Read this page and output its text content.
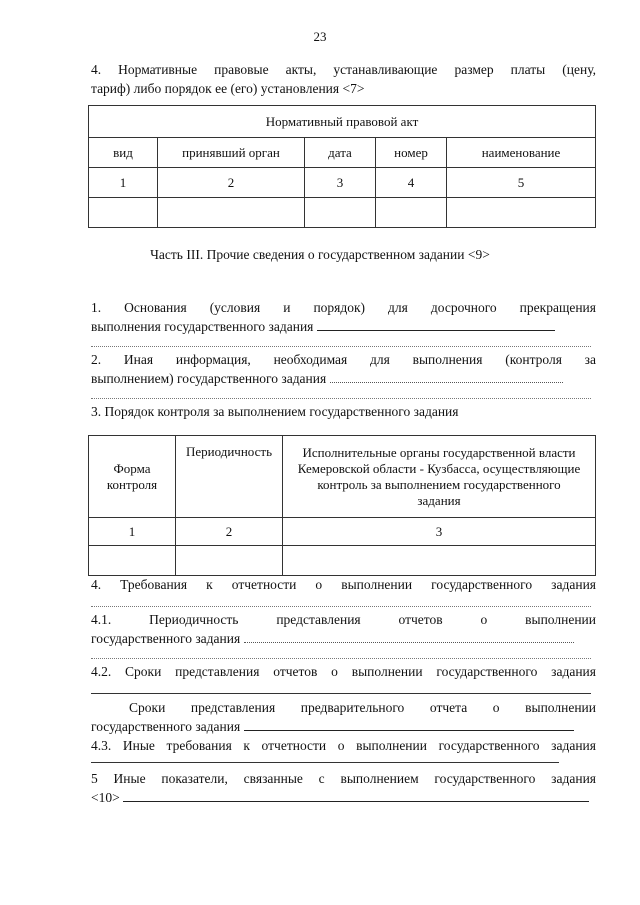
23
4. Нормативные правовые акты, устанавливающие размер платы (цену,
тариф) либо порядок ее (его) установления <7>
Нормативный правовой акт				
вид	принявший орган	дата	номер	наименование
1	2	3	4	5

Часть III. Прочие сведения о государственном задании <9>
1. Основания (условия и порядок) для досрочного прекращения
выполнения государственного задания
2. Иная информация, необходимая для выполнения (контроля за
выполнением) государственного задания
3. Порядок контроля за выполнением государственного задания
Форма контроля	Периодичность	Исполнительные органы государственной власти Кемеровской области - Кузбасса, осуществляющие контроль за выполнением государственного задания
1	2	3

4. Требования к отчетности о выполнении государственного задания
4.1. Периодичность представления отчетов о выполнении
государственного задания
4.2. Сроки представления отчетов о выполнении государственного задания
Сроки представления предварительного отчета о выполнении
государственного задания
4.3. Иные требования к отчетности о выполнении государственного задания
5 Иные показатели, связанные с выполнением государственного задания
<10>
